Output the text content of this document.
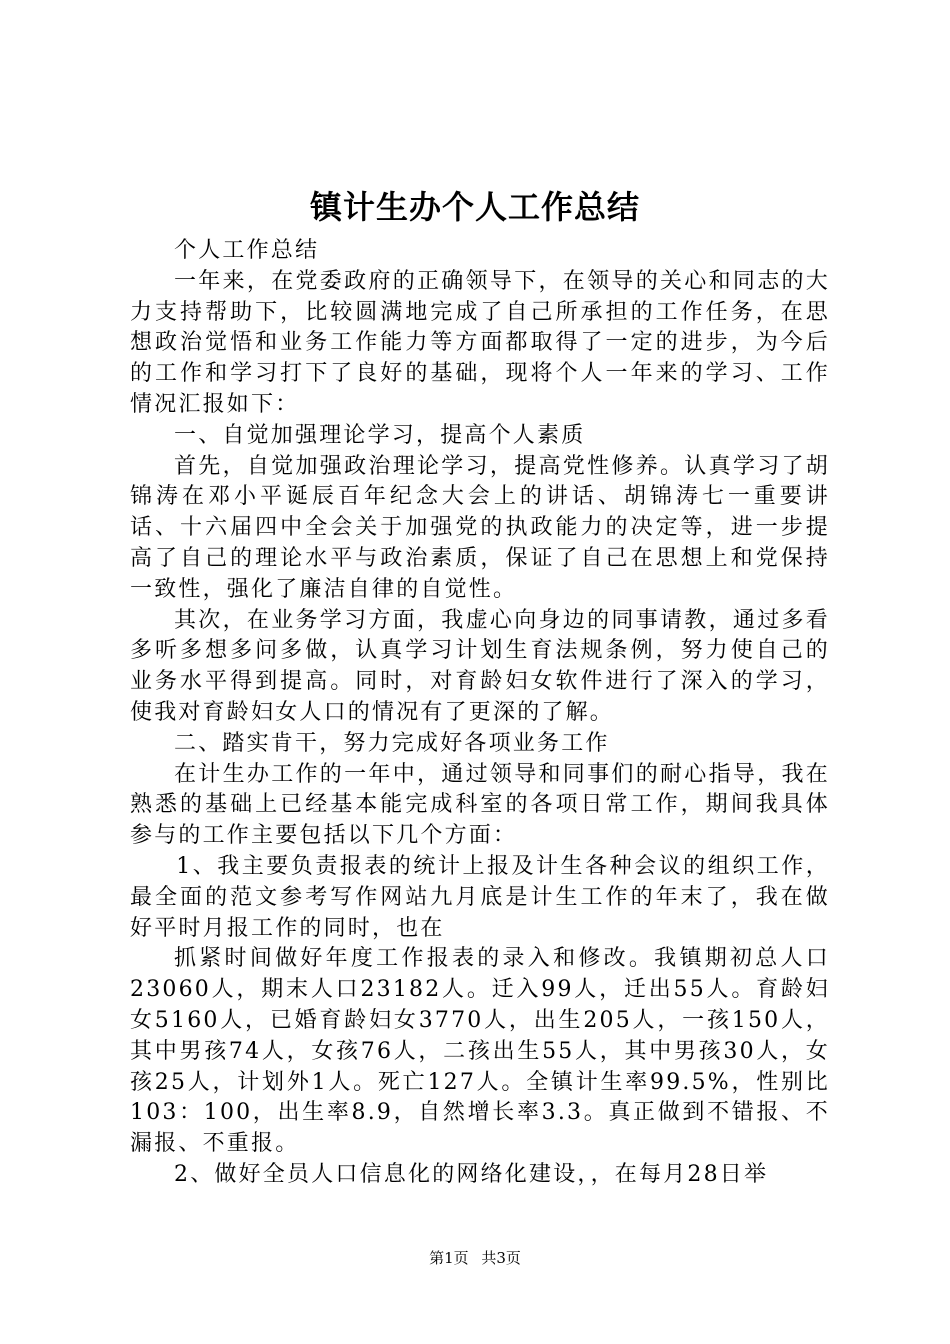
镇计生办个人工作总结

个人工作总结

一年来，在党委政府的正确领导下，在领导的关心和同志的大力支持帮助下，比较圆满地完成了自己所承担的工作任务，在思想政治觉悟和业务工作能力等方面都取得了一定的进步，为今后的工作和学习打下了良好的基础，现将个人一年来的学习、工作情况汇报如下：

一、自觉加强理论学习，提高个人素质

首先，自觉加强政治理论学习，提高党性修养。认真学习了胡锦涛在邓小平诞辰百年纪念大会上的讲话、胡锦涛七一重要讲话、十六届四中全会关于加强党的执政能力的决定等，进一步提高了自己的理论水平与政治素质，保证了自己在思想上和党保持一致性，强化了廉洁自律的自觉性。

其次，在业务学习方面，我虚心向身边的同事请教，通过多看多听多想多问多做，认真学习计划生育法规条例，努力使自己的业务水平得到提高。同时，对育龄妇女软件进行了深入的学习，使我对育龄妇女人口的情况有了更深的了解。

二、踏实肯干，努力完成好各项业务工作

在计生办工作的一年中，通过领导和同事们的耐心指导，我在熟悉的基础上已经基本能完成科室的各项日常工作，期间我具体参与的工作主要包括以下几个方面：

1、我主要负责报表的统计上报及计生各种会议的组织工作，最全面的范文参考写作网站九月底是计生工作的年末了，我在做好平时月报工作的同时，也在

抓紧时间做好年度工作报表的录入和修改。我镇期初总人口23060人，期末人口23182人。迁入99人，迁出55人。育龄妇女5160人，已婚育龄妇女3770人，出生205人，一孩150人，其中男孩74人，女孩76人，二孩出生55人，其中男孩30人，女孩25人，计划外1人。死亡127人。全镇计生率99.5%，性别比103：100，出生率8.9，自然增长率3.3。真正做到不错报、不漏报、不重报。

2、做好全员人口信息化的网络化建设，，在每月28日举

第1页 共3页
